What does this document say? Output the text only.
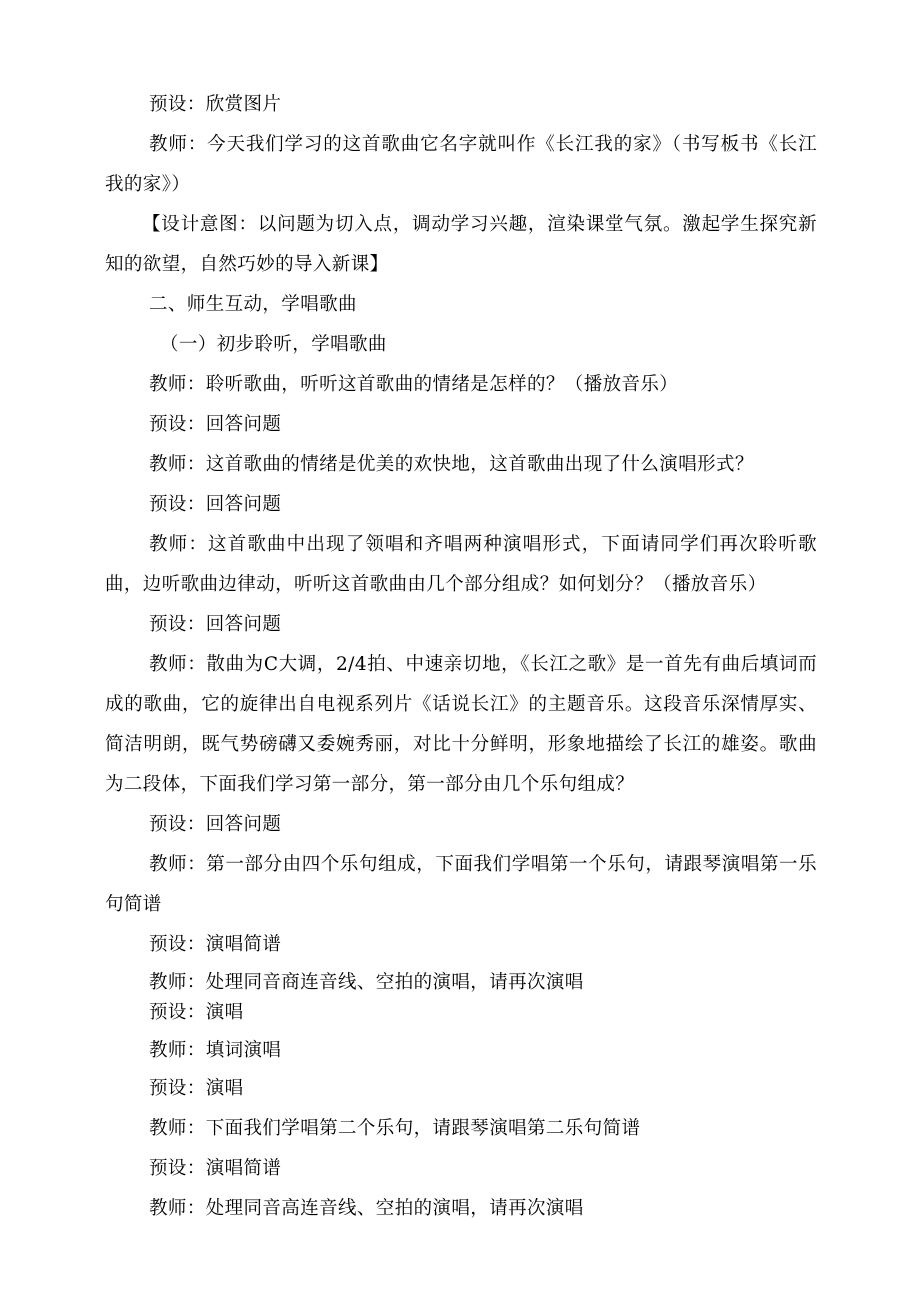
预设：欣赏图片

教师：今天我们学习的这首歌曲它名字就叫作《长江我的家》（书写板书《长江我的家》）

【设计意图：以问题为切入点，调动学习兴趣，渲染课堂气氛。激起学生探究新知的欲望，自然巧妙的导入新课】

二、师生互动，学唱歌曲

（一）初步聆听，学唱歌曲

教师：聆听歌曲，听听这首歌曲的情绪是怎样的？（播放音乐）

预设：回答问题

教师：这首歌曲的情绪是优美的欢快地，这首歌曲出现了什么演唱形式？

预设：回答问题

教师：这首歌曲中出现了领唱和齐唱两种演唱形式，下面请同学们再次聆听歌曲，边听歌曲边律动，听听这首歌曲由几个部分组成？如何划分？（播放音乐）

预设：回答问题

教师：散曲为C大调，2/4拍、中速亲切地，《长江之歌》是一首先有曲后填词而成的歌曲，它的旋律出自电视系列片《话说长江》的主题音乐。这段音乐深情厚实、简洁明朗，既气势磅礴又委婉秀丽，对比十分鲜明，形象地描绘了长江的雄姿。歌曲为二段体，下面我们学习第一部分，第一部分由几个乐句组成？

预设：回答问题

教师：第一部分由四个乐句组成，下面我们学唱第一个乐句，请跟琴演唱第一乐句简谱

预设：演唱简谱

教师：处理同音商连音线、空拍的演唱，请再次演唱

预设：演唱

教师：填词演唱

预设：演唱

教师：下面我们学唱第二个乐句，请跟琴演唱第二乐句简谱

预设：演唱简谱

教师：处理同音高连音线、空拍的演唱，请再次演唱
